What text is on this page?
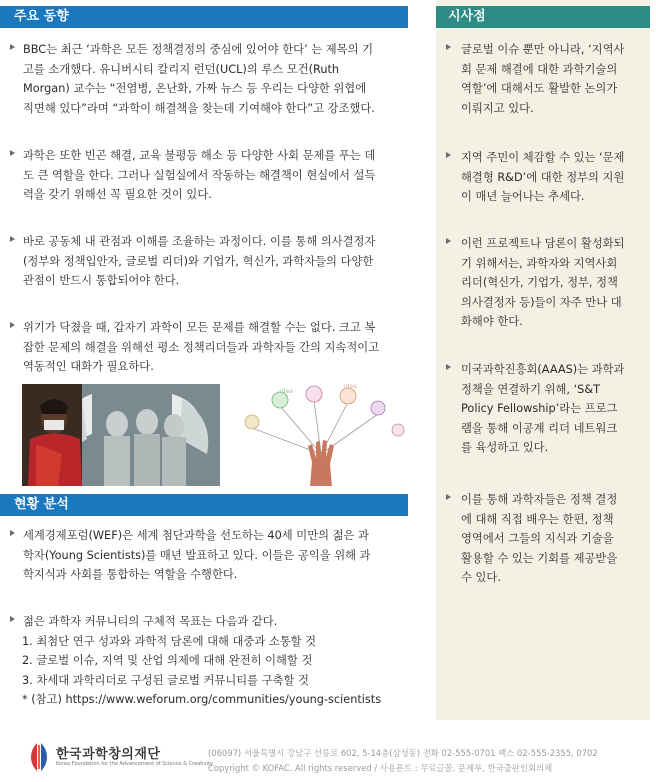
주요 동향
BBC는 최근 ‘과학은 모든 정책결정의 중심에 있어야 한다’ 는 제목의 기
고를 소개했다. 유니버시티 칼리지 런던(UCL)의 루스 모건(Ruth
Morgan) 교수는 “전염병, 온난화, 가짜 뉴스 등 우리는 다양한 위협에
직면해 있다”라며 “과학이 해결책을 찾는데 기여해야 한다”고 강조했다.
과학은 또한 빈곤 해결, 교육 불평등 해소 등 다양한 사회 문제를 푸는 데
도 큰 역할을 한다. 그러나 실험실에서 작동하는 해결책이 현실에서 설득
력을 갖기 위해선 꼭 필요한 것이 있다.
바로 공동체 내 관점과 이해를 조율하는 과정이다. 이를 통해 의사결정자
(정부와 정책입안자, 글로벌 리더)와 기업가, 혁신가, 과학자들의 다양한
관점이 반드시 통합되어야 한다.
위기가 닥쳤을 때, 갑자기 과학이 모든 문제를 해결할 수는 없다. 크고 복
잡한 문제의 해결을 위해선 평소 정책리더들과 과학자들 간의 지속적이고
역동적인 대화가 필요하다.
idea
idea
현황 분석
세계경제포럼(WEF)은 세계 첨단과학을 선도하는 40세 미만의 젊은 과
학자(Young Scientists)를 매년 발표하고 있다. 이들은 공익을 위해 과
학지식과 사회를 통합하는 역할을 수행한다.
젊은 과학자 커뮤니티의 구체적 목표는 다음과 같다.
1. 최첨단 연구 성과와 과학적 담론에 대해 대중과 소통할 것
2. 글로벌 이슈, 지역 및 산업 의제에 대해 완전히 이해할 것
3. 차세대 과학리더로 구성된 글로벌 커뮤니티를 구축할 것
* (참고) https://www.weforum.org/communities/young-scientists
시사점
글로벌 이슈 뿐만 아니라, ‘지역사
회 문제 해결에 대한 과학기술의
역할’에 대해서도 활발한 논의가
이뤄지고 있다.
지역 주민이 체감할 수 있는 ‘문제
해결형 R&D’에 대한 정부의 지원
이 매년 늘어나는 추세다.
이런 프로젝트나 담론이 활성화되
기 위해서는, 과학자와 지역사회
리더(혁신가, 기업가, 정부, 정책
의사결정자 등)들이 자주 만나 대
화해야 한다.
미국과학진흥회(AAAS)는 과학과
정책을 연결하기 위해, ‘S&T
Policy Fellowship’라는 프로그
램을 통해 이공계 리더 네트워크
를 육성하고 있다.
이를 통해 과학자들은 정책 결정
에 대해 직접 배우는 한편, 정책
영역에서 그들의 지식과 기술을
활용할 수 있는 기회를 제공받을
수 있다.
한국과학창의재단
Korea Foundation for the Advancement of Science & Creativity
(06097) 서울특별시 강남구 선릉로 602, 5-14층(삼성동) 전화 02-555-0701 팩스 02-555-2355, 0702
Copyright © KOFAC. All rights reserved / 사용폰트 : 무료글꼴, 문제부, 한국출판인회의체
